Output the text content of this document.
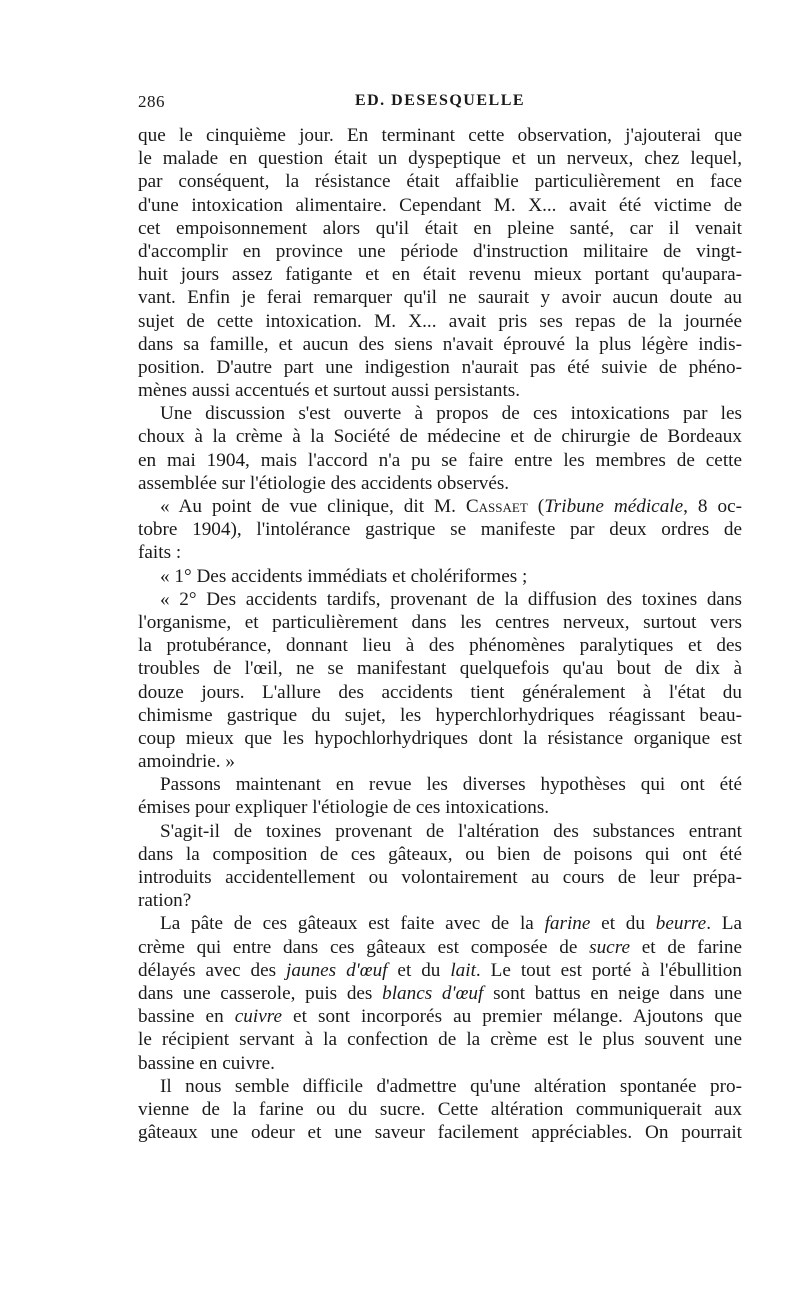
286	ED. DESESQUELLE

que le cinquième jour. En terminant cette observation, j'ajouterai que
le malade en question était un dyspeptique et un nerveux, chez lequel,
par conséquent, la résistance était affaiblie particulièrement en face
d'une intoxication alimentaire. Cependant M. X... avait été victime de
cet empoisonnement alors qu'il était en pleine santé, car il venait
d'accomplir en province une période d'instruction militaire de vingt-
huit jours assez fatigante et en était revenu mieux portant qu'aupara-
vant. Enfin je ferai remarquer qu'il ne saurait y avoir aucun doute au
sujet de cette intoxication. M. X... avait pris ses repas de la journée
dans sa famille, et aucun des siens n'avait éprouvé la plus légère indis-
position. D'autre part une indigestion n'aurait pas été suivie de phéno-
mènes aussi accentués et surtout aussi persistants.

Une discussion s'est ouverte à propos de ces intoxications par les
choux à la crème à la Société de médecine et de chirurgie de Bordeaux
en mai 1904, mais l'accord n'a pu se faire entre les membres de cette
assemblée sur l'étiologie des accidents observés.

« Au point de vue clinique, dit M. Cassaet (Tribune médicale, 8 oc-
tobre 1904), l'intolérance gastrique se manifeste par deux ordres de
faits :

« 1° Des accidents immédiats et cholériformes ;

« 2° Des accidents tardifs, provenant de la diffusion des toxines dans
l'organisme, et particulièrement dans les centres nerveux, surtout vers
la protubérance, donnant lieu à des phénomènes paralytiques et des
troubles de l'œil, ne se manifestant quelquefois qu'au bout de dix à
douze jours. L'allure des accidents tient généralement à l'état du
chimisme gastrique du sujet, les hyperchlorhydriques réagissant beau-
coup mieux que les hypochlorhydriques dont la résistance organique est
amoindrie. »

Passons maintenant en revue les diverses hypothèses qui ont été
émises pour expliquer l'étiologie de ces intoxications.

S'agit-il de toxines provenant de l'altération des substances entrant
dans la composition de ces gâteaux, ou bien de poisons qui ont été
introduits accidentellement ou volontairement au cours de leur prépa-
ration?

La pâte de ces gâteaux est faite avec de la farine et du beurre. La
crème qui entre dans ces gâteaux est composée de sucre et de farine
délayés avec des jaunes d'œuf et du lait. Le tout est porté à l'ébullition
dans une casserole, puis des blancs d'œuf sont battus en neige dans une
bassine en cuivre et sont incorporés au premier mélange. Ajoutons que
le récipient servant à la confection de la crème est le plus souvent une
bassine en cuivre.

Il nous semble difficile d'admettre qu'une altération spontanée pro-
vienne de la farine ou du sucre. Cette altération communiquerait aux
gâteaux une odeur et une saveur facilement appréciables. On pourrait
